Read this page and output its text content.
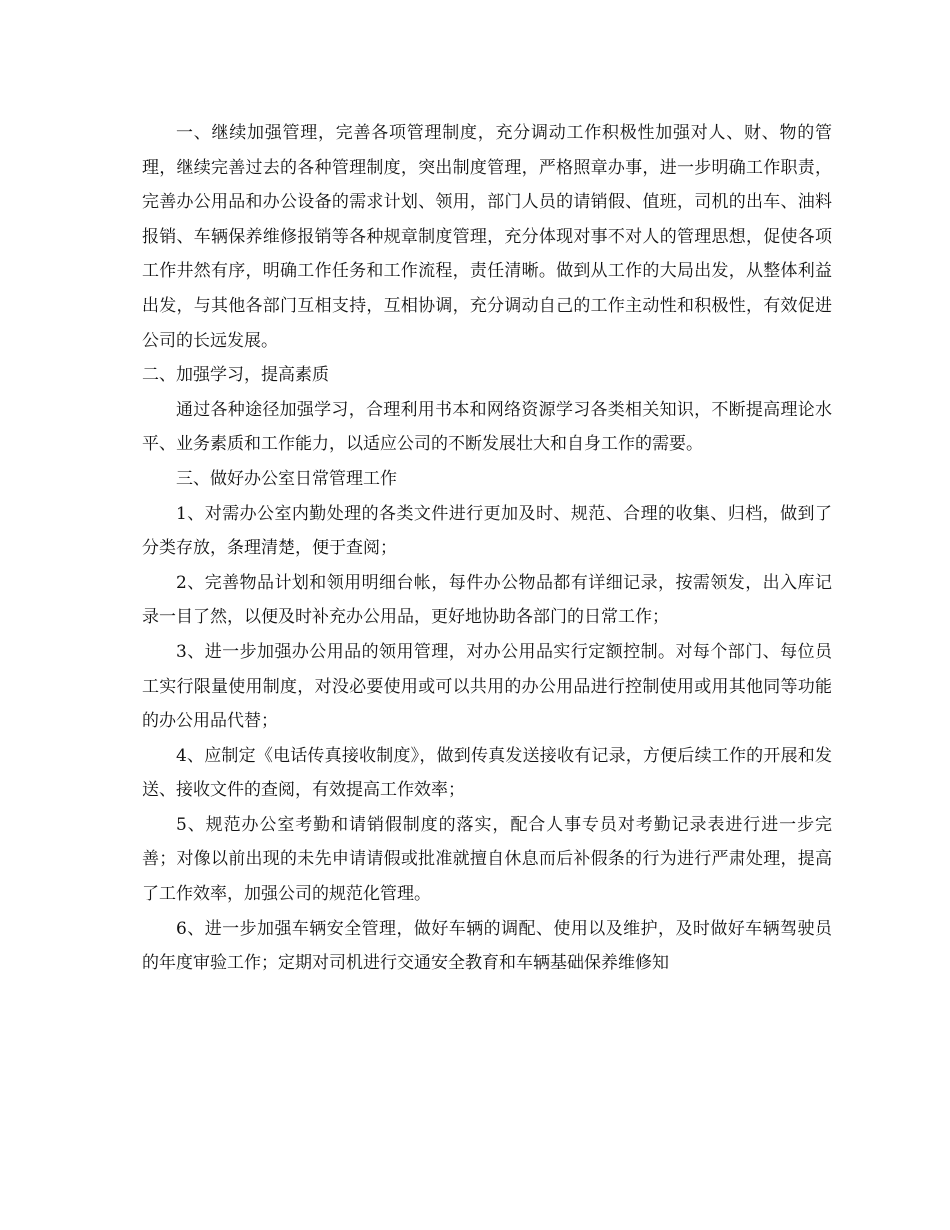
一、继续加强管理，完善各项管理制度，充分调动工作积极性加强对人、财、物的管理，继续完善过去的各种管理制度，突出制度管理，严格照章办事，进一步明确工作职责，完善办公用品和办公设备的需求计划、领用，部门人员的请销假、值班，司机的出车、油料报销、车辆保养维修报销等各种规章制度管理，充分体现对事不对人的管理思想，促使各项工作井然有序，明确工作任务和工作流程，责任清晰。做到从工作的大局出发，从整体利益出发，与其他各部门互相支持，互相协调，充分调动自己的工作主动性和积极性，有效促进公司的长远发展。

二、加强学习，提高素质

通过各种途径加强学习，合理利用书本和网络资源学习各类相关知识，不断提高理论水平、业务素质和工作能力，以适应公司的不断发展壮大和自身工作的需要。

三、做好办公室日常管理工作

1、对需办公室内勤处理的各类文件进行更加及时、规范、合理的收集、归档，做到了分类存放，条理清楚，便于查阅；

2、完善物品计划和领用明细台帐，每件办公物品都有详细记录，按需领发，出入库记录一目了然，以便及时补充办公用品，更好地协助各部门的日常工作；

3、进一步加强办公用品的领用管理，对办公用品实行定额控制。对每个部门、每位员工实行限量使用制度，对没必要使用或可以共用的办公用品进行控制使用或用其他同等功能的办公用品代替；

4、应制定《电话传真接收制度》，做到传真发送接收有记录，方便后续工作的开展和发送、接收文件的查阅，有效提高工作效率；

5、规范办公室考勤和请销假制度的落实，配合人事专员对考勤记录表进行进一步完善；对像以前出现的未先申请请假或批准就擅自休息而后补假条的行为进行严肃处理，提高了工作效率，加强公司的规范化管理。

6、进一步加强车辆安全管理，做好车辆的调配、使用以及维护，及时做好车辆驾驶员的年度审验工作；定期对司机进行交通安全教育和车辆基础保养维修知
